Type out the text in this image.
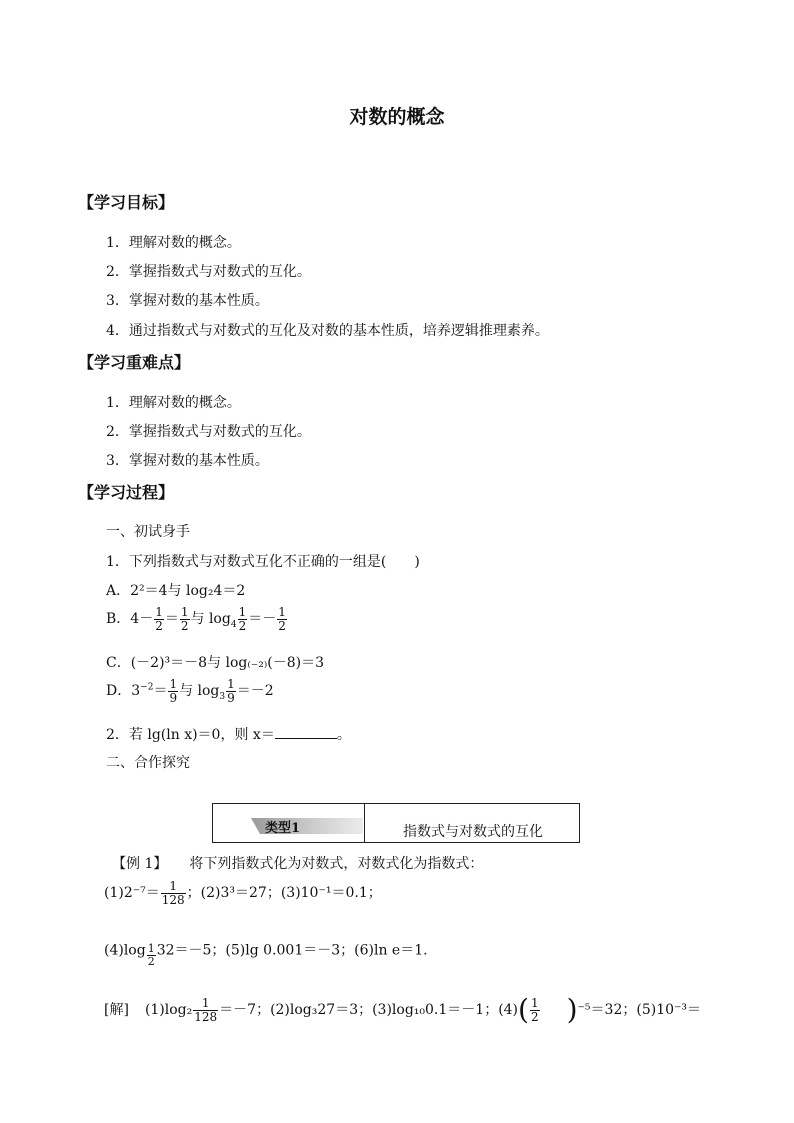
对数的概念
【学习目标】
1．理解对数的概念。
2．掌握指数式与对数式的互化。
3．掌握对数的基本性质。
4．通过指数式与对数式的互化及对数的基本性质，培养逻辑推理素养。
【学习重难点】
1．理解对数的概念。
2．掌握指数式与对数式的互化。
3．掌握对数的基本性质。
【学习过程】
一、初试身手
1．下列指数式与对数式互化不正确的一组是(　　)
A．2²＝4与 log₂4＝2
B．$4- \frac{1}{2} = \frac{1}{2}$ 与 $\log_4 \frac{1}{2} =- \frac{1}{2}$
C．(－2)³＝－8与 log₍₋₂₎(－8)＝3
D．$3^{-2}= \frac{1}{9}$ 与 $\log_3 \frac{1}{9} =-2$
2．若 lg(ln x)＝0，则 x＝	。
二、合作探究
类型1	指数式与对数式的互化
【例 1】 将下列指数式化为对数式，对数式化为指数式：
$(1)2^{-7}= \frac{1}{128}$ ；(2)3³＝27；(3)10⁻¹＝0.1；
$(4)\log \frac{1}{2} 32=-5$；(5)lg 0.001＝－3；(6)ln e＝1.
[解] $(1)\log_2 \frac{1}{128} =-7$；(2)log₃27＝3；(3)log₁₀0.1＝－1；$(4)( \frac{1}{2} )^{-5}=32$；(5)10⁻³＝
